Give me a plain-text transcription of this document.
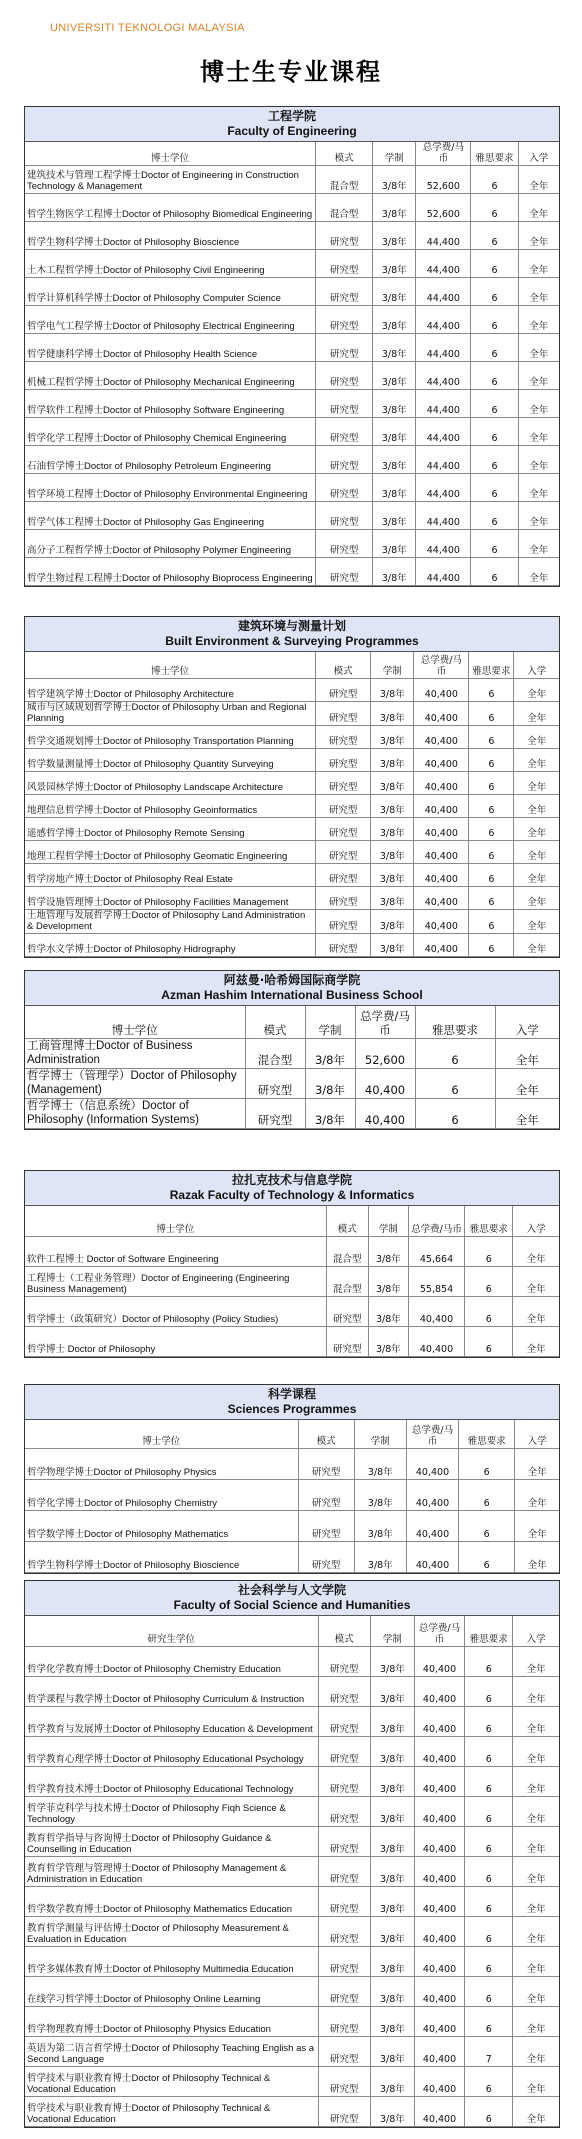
UNIVERSITI TEKNOLOGI MALAYSIA
博士生专业课程
工程学院
Faculty of Engineering
博士学位	模式	学制	总学费/马币	雅思要求	入学
建筑技术与管理工程学博士Doctor of Engineering in Construction Technology & Management	混合型	3/8年	52,600	6	全年
哲学生物医学工程博士Doctor of Philosophy Biomedical Engineering	混合型	3/8年	52,600	6	全年
哲学生物科学博士Doctor of Philosophy Bioscience	研究型	3/8年	44,400	6	全年
土木工程哲学博士Doctor of Philosophy Civil Engineering	研究型	3/8年	44,400	6	全年
哲学计算机科学博士Doctor of Philosophy Computer Science	研究型	3/8年	44,400	6	全年
哲学电气工程学博士Doctor of Philosophy Electrical Engineering	研究型	3/8年	44,400	6	全年
哲学健康科学博士Doctor of Philosophy Health Science	研究型	3/8年	44,400	6	全年
机械工程哲学博士Doctor of Philosophy Mechanical Engineering	研究型	3/8年	44,400	6	全年
哲学软件工程博士Doctor of Philosophy Software Engineering	研究型	3/8年	44,400	6	全年
哲学化学工程博士Doctor of Philosophy Chemical Engineering	研究型	3/8年	44,400	6	全年
石油哲学博士Doctor of Philosophy Petroleum Engineering	研究型	3/8年	44,400	6	全年
哲学环境工程博士Doctor of Philosophy Environmental Engineering	研究型	3/8年	44,400	6	全年
哲学气体工程博士Doctor of Philosophy Gas Engineering	研究型	3/8年	44,400	6	全年
高分子工程哲学博士Doctor of Philosophy Polymer Engineering	研究型	3/8年	44,400	6	全年
哲学生物过程工程博士Doctor of Philosophy Bioprocess Engineering	研究型	3/8年	44,400	6	全年
建筑环境与测量计划
Built Environment & Surveying Programmes
博士学位	模式	学制	总学费/马币	雅思要求	入学
哲学建筑学博士Doctor of Philosophy Architecture	研究型	3/8年	40,400	6	全年
城市与区域规划哲学博士Doctor of Philosophy Urban and Regional Planning	研究型	3/8年	40,400	6	全年
哲学交通规划博士Doctor of Philosophy Transportation Planning	研究型	3/8年	40,400	6	全年
哲学数量测量博士Doctor of Philosophy Quantity Surveying	研究型	3/8年	40,400	6	全年
风景园林学博士Doctor of Philosophy Landscape Architecture	研究型	3/8年	40,400	6	全年
地理信息哲学博士Doctor of Philosophy Geoinformatics	研究型	3/8年	40,400	6	全年
遥感哲学博士Doctor of Philosophy Remote Sensing	研究型	3/8年	40,400	6	全年
地理工程哲学博士Doctor of Philosophy Geomatic Engineering	研究型	3/8年	40,400	6	全年
哲学房地产博士Doctor of Philosophy Real Estate	研究型	3/8年	40,400	6	全年
哲学设施管理博士Doctor of Philosophy Facilities Management	研究型	3/8年	40,400	6	全年
土地管理与发展哲学博士Doctor of Philosophy Land Administration & Development	研究型	3/8年	40,400	6	全年
哲学水文学博士Doctor of Philosophy Hidrography	研究型	3/8年	40,400	6	全年
阿兹曼·哈希姆国际商学院
Azman Hashim International Business School
博士学位	模式	学制	总学费/马币	雅思要求	入学
工商管理博士Doctor of Business Administration	混合型	3/8年	52,600	6	全年
哲学博士（管理学）Doctor of Philosophy (Management)	研究型	3/8年	40,400	6	全年
哲学博士（信息系统）Doctor of Philosophy (Information Systems)	研究型	3/8年	40,400	6	全年
拉扎克技术与信息学院
Razak Faculty of Technology & Informatics
博士学位	模式	学制	总学费/马币	雅思要求	入学
软件工程博士 Doctor of Software Engineering	混合型	3/8年	45,664	6	全年
工程博士（工程业务管理）Doctor of Engineering (Engineering Business Management)	混合型	3/8年	55,854	6	全年
哲学博士（政策研究）Doctor of Philosophy (Policy Studies)	研究型	3/8年	40,400	6	全年
哲学博士 Doctor of Philosophy	研究型	3/8年	40,400	6	全年
科学课程
Sciences Programmes
博士学位	模式	学制	总学费/马币	雅思要求	入学
哲学物理学博士Doctor of Philosophy Physics	研究型	3/8年	40,400	6	全年
哲学化学博士Doctor of Philosophy Chemistry	研究型	3/8年	40,400	6	全年
哲学数学博士Doctor of Philosophy Mathematics	研究型	3/8年	40,400	6	全年
哲学生物科学博士Doctor of Philosophy Bioscience	研究型	3/8年	40,400	6	全年
社会科学与人文学院
Faculty of Social Science and Humanities
研究生学位	模式	学制	总学费/马币	雅思要求	入学
哲学化学教育博士Doctor of Philosophy Chemistry Education	研究型	3/8年	40,400	6	全年
哲学课程与教学博士Doctor of Philosophy Curriculum & Instruction	研究型	3/8年	40,400	6	全年
哲学教育与发展博士Doctor of Philosophy Education & Development	研究型	3/8年	40,400	6	全年
哲学教育心理学博士Doctor of Philosophy Educational Psychology	研究型	3/8年	40,400	6	全年
哲学教育技术博士Doctor of Philosophy Educational Technology	研究型	3/8年	40,400	6	全年
哲学菲克科学与技术博士Doctor of Philosophy Fiqh Science & Technology	研究型	3/8年	40,400	6	全年
教育哲学指导与咨询博士Doctor of Philosophy Guidance & Counselling in Education	研究型	3/8年	40,400	6	全年
教育哲学管理与管理博士Doctor of Philosophy Management & Administration in Education	研究型	3/8年	40,400	6	全年
哲学数学教育博士Doctor of Philosophy Mathematics Education	研究型	3/8年	40,400	6	全年
教育哲学测量与评估博士Doctor of Philosophy Measurement & Evaluation in Education	研究型	3/8年	40,400	6	全年
哲学多媒体教育博士Doctor of Philosophy Multimedia Education	研究型	3/8年	40,400	6	全年
在线学习哲学博士Doctor of Philosophy Online Learning	研究型	3/8年	40,400	6	全年
哲学物理教育博士Doctor of Philosophy Physics Education	研究型	3/8年	40,400	6	全年
英语为第二语言哲学博士Doctor of Philosophy Teaching English as a Second Language	研究型	3/8年	40,400	7	全年
哲学技术与职业教育博士Doctor of Philosophy Technical & Vocational Education	研究型	3/8年	40,400	6	全年
哲学技术与职业教育博士Doctor of Philosophy Technical & Vocational Education	研究型	3/8年	40,400	6	全年
